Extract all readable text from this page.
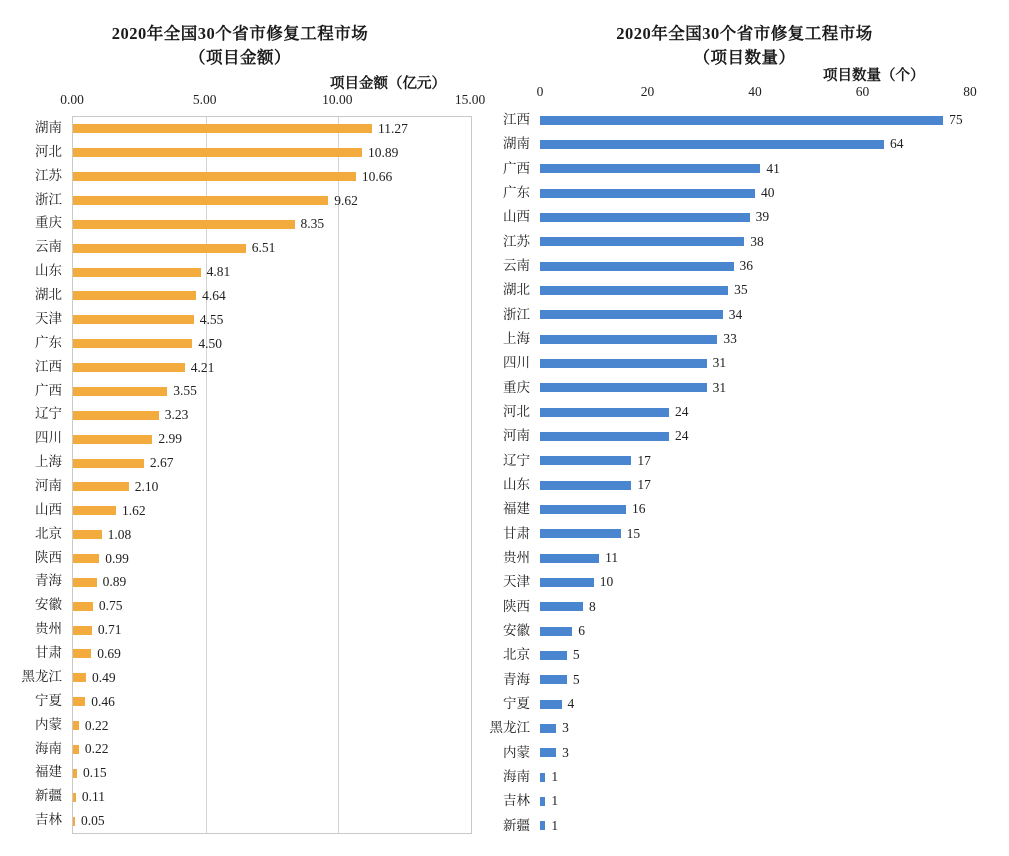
2020年全国30个省市修复工程市场
（项目金额）
项目金额（亿元）
0.00	5.00	10.00	15.00
11.27
10.89
10.66
9.62
8.35
6.51
4.81
4.64
4.55
4.50
4.21
3.55
3.23
2.99
2.67
2.10
1.62
1.08
0.99
0.89
0.75
0.71
0.69
0.49
0.46
0.22
0.22
0.15
0.11
0.05
湖南
河北
江苏
浙江
重庆
云南
山东
湖北
天津
广东
江西
广西
辽宁
四川
上海
河南
山西
北京
陕西
青海
安徽
贵州
甘肃
黑龙江
宁夏
内蒙
海南
福建
新疆
吉林
2020年全国30个省市修复工程市场
（项目数量）
项目数量（个）
0	20	40	60	80
75
64
41
40
39
38
36
35
34
33
31
31
24
24
17
17
16
15
11
10
8
6
5
5
4
3
3
1
1
1
江西
湖南
广西
广东
山西
江苏
云南
湖北
浙江
上海
四川
重庆
河北
河南
辽宁
山东
福建
甘肃
贵州
天津
陕西
安徽
北京
青海
宁夏
黑龙江
内蒙
海南
吉林
新疆
